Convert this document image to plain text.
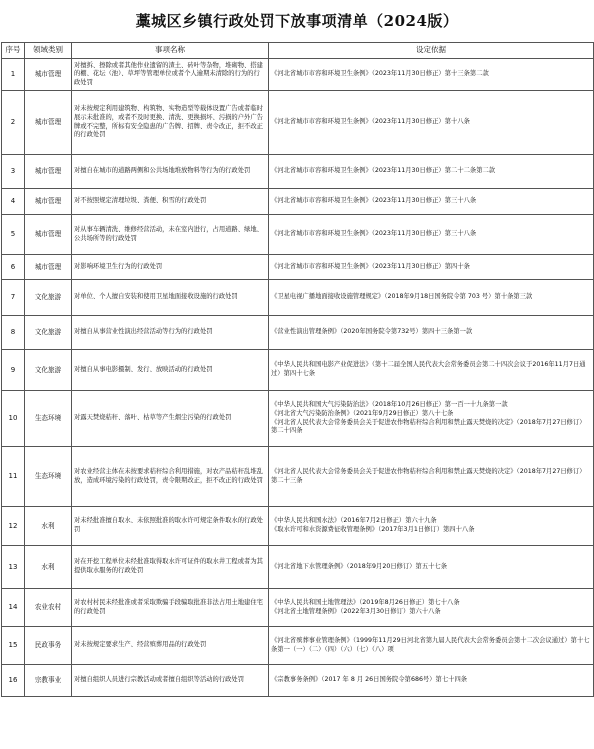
藁城区乡镇行政处罚下放事项清单（2024版）
序号	领域类别	事项名称	设定依据
1	城市管理	对擅拆、擦除或者其他作业遗留的渣土、砖叶等杂物，堆砌物、搭建的棚、花坛（池）、草坪等管理单位或者个人逾期未清除的行为的行政处罚	《河北省城市市容和环境卫生条例》（2023年11月30日修正）第十三条第二款
2	城市管理	对未按规定利用建筑物、构筑物、实物造型等载体设置广告或者临时展示未批准的，或者不及时更换、清洗、更换损坏、污损的户外广告牌或不完整，所标有安全隐患的广告牌、招牌、责令改正，拒不改正的行政处罚	《河北省城市市容和环境卫生条例》（2023年11月30日修正）第十八条
3	城市管理	对擅自在城市的道路两侧和公共场地堆放物料等行为的行政处罚	《河北省城市市容和环境卫生条例》（2023年11月30日修正）第二十二条第二款
4	城市管理	对不按照规定清理垃圾、粪便、积雪的行政处罚	《河北省城市市容和环境卫生条例》（2023年11月30日修正）第三十八条
5	城市管理	对从事车辆清洗、维修经营活动，未在室内进行，占用道路、绿地、公共场所等的行政处罚	《河北省城市市容和环境卫生条例》（2023年11月30日修正）第三十八条
6	城市管理	对影响环境卫生行为的行政处罚	《河北省城市市容和环境卫生条例》（2023年11月30日修正）第四十条
7	文化旅游	对单位、个人擅自安装和使用卫星地面接收设施的行政处罚	《卫星电视广播地面接收设施管理规定》（2018年9月18日国务院令第 703 号）第十条第三款
8	文化旅游	对擅自从事营业性演出经营活动等行为的行政处罚	《营业性演出管理条例》（2020年国务院令第732号）第四十三条第一款
9	文化旅游	对擅自从事电影摄制、发行、放映活动的行政处罚	《中华人民共和国电影产业促进法》（第十二届全国人民代表大会常务委员会第二十四次会议于2016年11月7日通过）第四十七条
10	生态环境	对露天焚烧秸秆、落叶、枯草等产生烟尘污染的行政处罚	《中华人民共和国大气污染防治法》（2018年10月26日修正）第一百一十九条第一款
《河北省大气污染防治条例》（2021年9月29日修正）第八十七条
《河北省人民代表大会常务委员会关于促进农作物秸秆综合利用和禁止露天焚烧的决定》（2018年7月27日修订）第二十四条
11	生态环境	对农业经营主体在未按要求秸秆综合利用措施，对农产品秸秆乱堆乱放，造成环境污染的行政处罚，责令限期改正，拒不改正的行政处罚	《河北省人民代表大会常务委员会关于促进农作物秸秆综合利用和禁止露天焚烧的决定》（2018年7月27日修订）第二十三条
12	水利	对未经批准擅自取水、未依照批准的取水许可规定条件取水的行政处罚	《中华人民共和国水法》（2016年7月2日修正）第六十九条
《取水许可和水资源费征收管理条例》（2017年3月1日修订）第四十八条
13	水利	对在开挖工程单位未经批准取得取水许可证件的取水井工程或者为其提供取水服务的行政处罚	《河北省地下水管理条例》（2018年9月20日修订）第五十七条
14	农业农村	对农村村民未经批准或者采取欺骗手段骗取批准非法占用土地建住宅的行政处罚	《中华人民共和国土地管理法》（2019年8月26日修正）第七十八条
《河北省土地管理条例》（2022年3月30日修订）第六十八条
15	民政事务	对未按规定要求生产、经营殡葬用品的行政处罚	《河北省殡葬事业管理条例》（1999年11月29日河北省第九届人民代表大会常务委员会第十二次会议通过）第十七条第一（一）（二）（四）（六）（七）（八）项
16	宗教事业	对擅自组织人员进行宗教活动或者擅自组织等活动的行政处罚	《宗教事务条例》（2017 年 8 月 26日国务院令第686号）第七十四条
